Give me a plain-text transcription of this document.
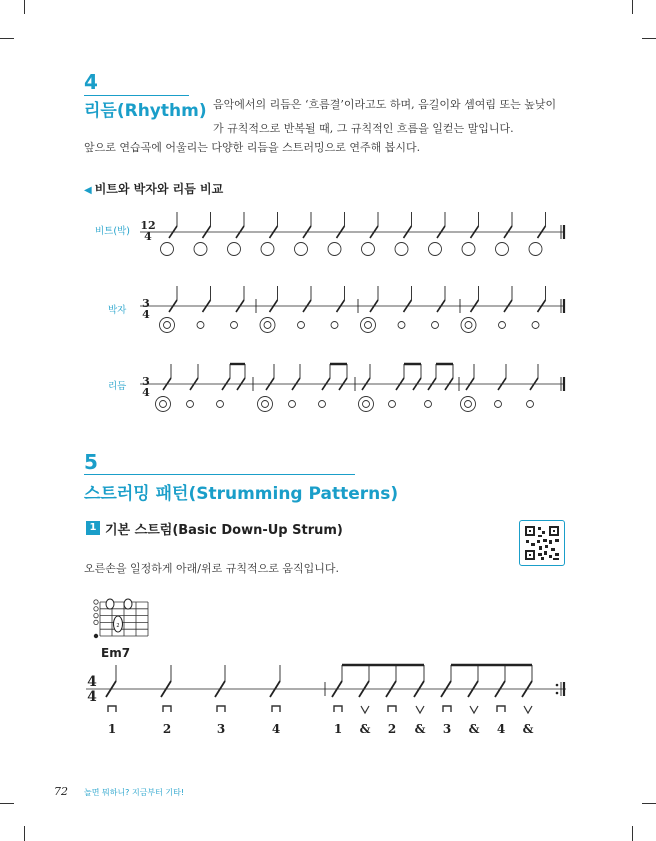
4
리듬(Rhythm) 음악에서의 리듬은 ‘흐름결’이라고도 하며, 음길이와 셈여림 또는 높낮이
가 규칙적으로 반복될 때, 그 규칙적인 흐름을 일컫는 말입니다.
앞으로 연습곡에 어울리는 다양한 리듬을 스트러밍으로 연주해 봅시다.
◀ 비트와 박자와 리듬 비교
비트(박)
박자
리듬
12
4
3
4
3
4
4
4
1	2	3	4	1 & 2 & 3 & 4 &
5
스트러밍 패턴(Strumming Patterns)
1 기본 스트럼(Basic Down-Up Strum)
오른손을 일정하게 아래/위로 규칙적으로 움직입니다.
2
Em7
72 놀면 뭐하니? 지금부터 기타!
